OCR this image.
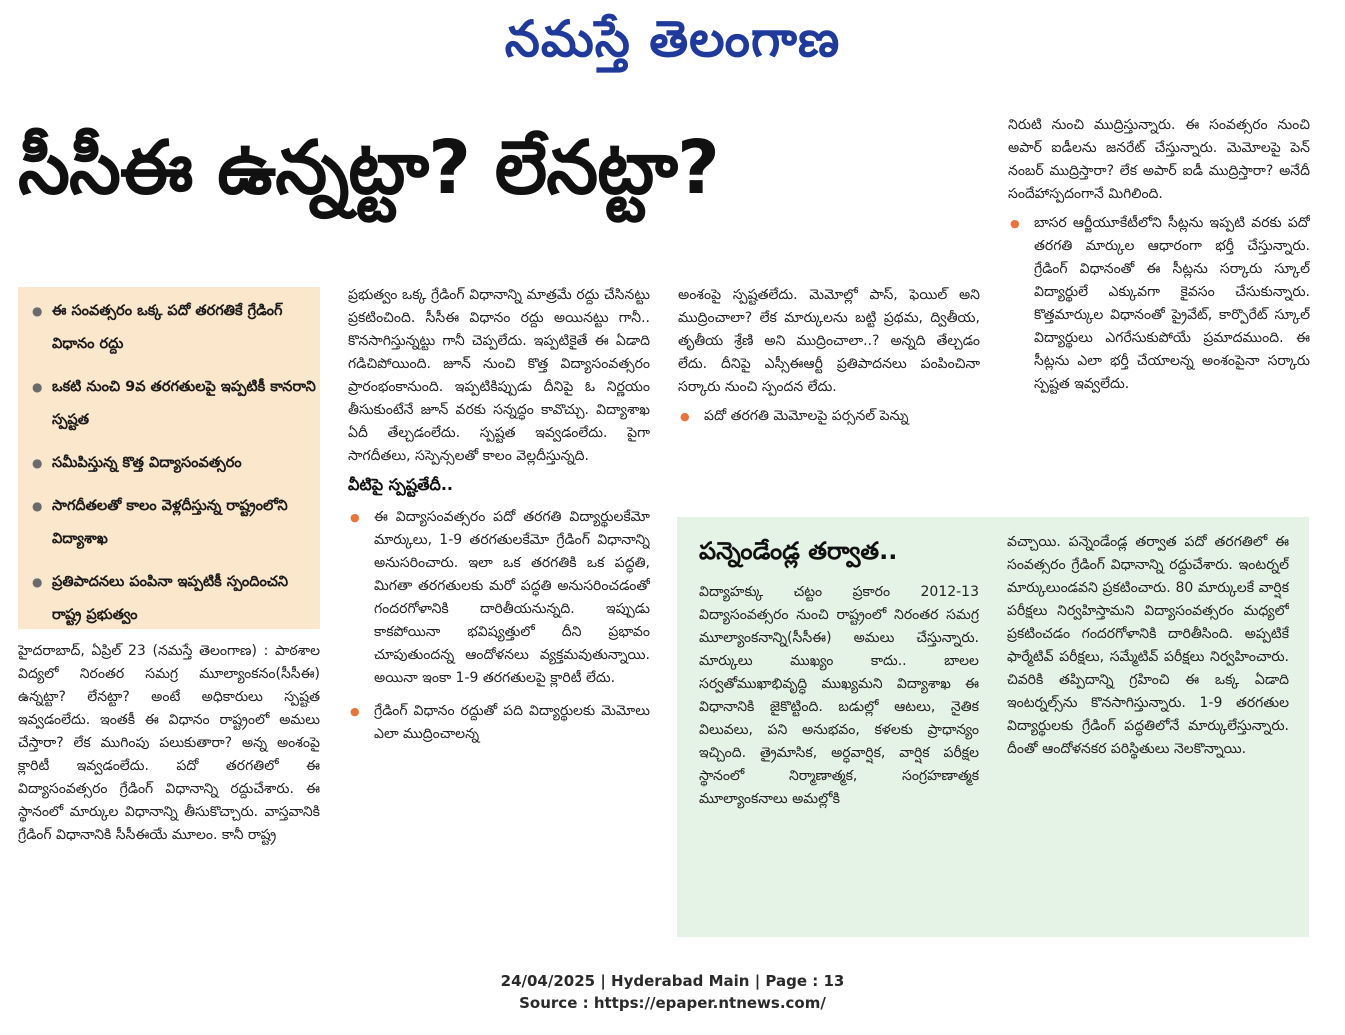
నమస్తే తెలంగాణ
సీసీఈ ఉన్నట్టా? లేనట్టా?
● ఈ సంవత్సరం ఒక్క పదో తరగతికే గ్రేడింగ్ విధానం రద్దు
● ఒకటి నుంచి 9వ తరగతులపై ఇప్పటికీ కానరాని స్పష్టత
● సమీపిస్తున్న కొత్త విద్యాసంవత్సరం
● సాగదీతలతో కాలం వెళ్లదీస్తున్న రాష్ట్రంలోని విద్యాశాఖ
● ప్రతిపాదనలు పంపినా ఇప్పటికీ స్పందించని రాష్ట్ర ప్రభుత్వం

హైదరాబాద్, ఏప్రిల్ 23 (నమస్తే తెలంగాణ) : పాఠశాల విద్యలో నిరంతర సమగ్ర మూల్యాంకనం(సీసీఈ) ఉన్నట్టా? లేనట్టా? అంటే అధికారులు స్పష్టత ఇవ్వడంలేదు. ఇంతకీ ఈ విధానం రాష్ట్రంలో అమలు చేస్తారా? లేక ముగింపు పలుకుతారా? అన్న అంశంపై క్లారిటీ ఇవ్వడంలేదు. పదో తరగతిలో ఈ విద్యాసంవత్సరం గ్రేడింగ్ విధానాన్ని రద్దుచేశారు. ఈ స్థానంలో మార్కుల విధానాన్ని తీసుకొచ్చారు. వాస్తవానికి గ్రేడింగ్ విధానానికి సీసీఈయే మూలం. కానీ రాష్ట్ర

ప్రభుత్వం ఒక్క గ్రేడింగ్ విధానాన్ని మాత్రమే రద్దు చేసినట్టు ప్రకటించింది. సీసీఈ విధానం రద్దు అయినట్టు గానీ.. కొనసాగిస్తున్నట్టు గానీ చెప్పలేదు. ఇప్పటికైతే ఈ ఏడాది గడిచిపోయింది. జూన్ నుంచి కొత్త విద్యాసంవత్సరం ప్రారంభంకానుంది. ఇప్పటికిప్పుడు దీనిపై ఓ నిర్ణయం తీసుకుంటేనే జూన్ వరకు సన్నద్ధం కావొచ్చు. విద్యాశాఖ ఏదీ తేల్చడంలేదు. స్పష్టత ఇవ్వడంలేదు. పైగా సాగదీతలు, సస్పెన్సలతో కాలం వెల్లదీస్తున్నది.

వీటిపై స్పష్టతేదీ..
● ఈ విద్యాసంవత్సరం పదో తరగతి విద్యార్థులకేమో మార్కులు, 1-9 తరగతులకేమో గ్రేడింగ్ విధానాన్ని అనుసరించారు. ఇలా ఒక తరగతికి ఒక పద్ధతి, మిగతా తరగతులకు మరో పద్ధతి అనుసరించడంతో గందరగోళానికి దారితీయనున్నది. ఇప్పుడు కాకపోయినా భవిష్యత్తులో దీని ప్రభావం చూపుతుందన్న ఆందోళనలు వ్యక్తమవుతున్నాయి. అయినా ఇంకా 1-9 తరగతులపై క్లారిటీ లేదు.
● గ్రేడింగ్ విధానం రద్దుతో పది విద్యార్థులకు మెమోలు ఎలా ముద్రించాలన్న

అంశంపై స్పష్టతలేదు. మెమోల్లో పాస్, ఫెయిల్ అని ముద్రించాలా? లేక మార్కులను బట్టి ప్రథమ, ద్వితీయ, తృతీయ శ్రేణి అని ముద్రించాలా..? అన్నది తేల్చడం లేదు. దీనిపై ఎస్సీఈఆర్టీ ప్రతిపాదనలు పంపించినా సర్కారు నుంచి స్పందన లేదు.

● పదో తరగతి మెమోలపై పర్సనల్ పెన్ను

నిరుటి నుంచి ముద్రిస్తున్నారు. ఈ సంవత్సరం నుంచి అపార్ ఐడీలను జనరేట్ చేస్తున్నారు. మెమోలపై పెన్ నంబర్ ముద్రిస్తారా? లేక అపార్ ఐడీ ముద్రిస్తారా? అనేదీ సందేహాస్పదంగానే మిగిలింది.

● బాసర ఆర్జీయూకేటీలోని సీట్లను ఇప్పటి వరకు పదో తరగతి మార్కుల ఆధారంగా భర్తీ చేస్తున్నారు. గ్రేడింగ్ విధానంతో ఈ సీట్లను సర్కారు స్కూల్ విద్యార్థులే ఎక్కువగా కైవసం చేసుకున్నారు. కొత్తమార్కుల విధానంతో ప్రైవేట్, కార్పొరేట్ స్కూల్ విద్యార్థులు ఎగరేసుకుపోయే ప్రమాదముంది. ఈ సీట్లను ఎలా భర్తీ చేయాలన్న అంశంపైనా సర్కారు స్పష్టత ఇవ్వలేదు.
పన్నెండేండ్ల తర్వాత..

విద్యాహక్కు చట్టం ప్రకారం 2012-13 విద్యాసంవత్సరం నుంచి రాష్ట్రంలో నిరంతర సమగ్ర మూల్యాంకనాన్ని(సీసీఈ) అమలు చేస్తున్నారు. మార్కులు ముఖ్యం కాదు.. బాలల సర్వతోముఖాభివృద్ధి ముఖ్యమని విద్యాశాఖ ఈ విధానానికి జైకొట్టింది. బడుల్లో ఆటలు, నైతిక విలువలు, పని అనుభవం, కళలకు ప్రాధాన్యం ఇచ్చింది. త్రైమాసిక, అర్ధవార్షిక, వార్షిక పరీక్షల స్థానంలో నిర్మాణాత్మక, సంగ్రహణాత్మక మూల్యాంకనాలు అమల్లోకి

వచ్చాయి. పన్నెండేండ్ల తర్వాత పదో తరగతిలో ఈ సంవత్సరం గ్రేడింగ్ విధానాన్ని రద్దుచేశారు. ఇంటర్నల్ మార్కులుండవని ప్రకటించారు. 80 మార్కులకే వార్షిక పరీక్షలు నిర్వహిస్తామని విద్యాసంవత్సరం మధ్యలో ప్రకటించడం గందరగోళానికి దారితీసింది. అప్పటికే ఫార్మేటివ్ పరీక్షలు, సమ్మేటివ్ పరీక్షలు నిర్వహించారు. చివరికి తప్పిదాన్ని గ్రహించి ఈ ఒక్క ఏడాది ఇంటర్నల్స్‌ను కొనసాగిస్తున్నారు. 1-9 తరగతుల విద్యార్థులకు గ్రేడింగ్ పద్ధతిలోనే మార్కులేస్తున్నారు. దీంతో ఆందోళనకర పరిస్థితులు నెలకొన్నాయి.

24/04/2025 | Hyderabad Main | Page : 13
Source : https://epaper.ntnews.com/
